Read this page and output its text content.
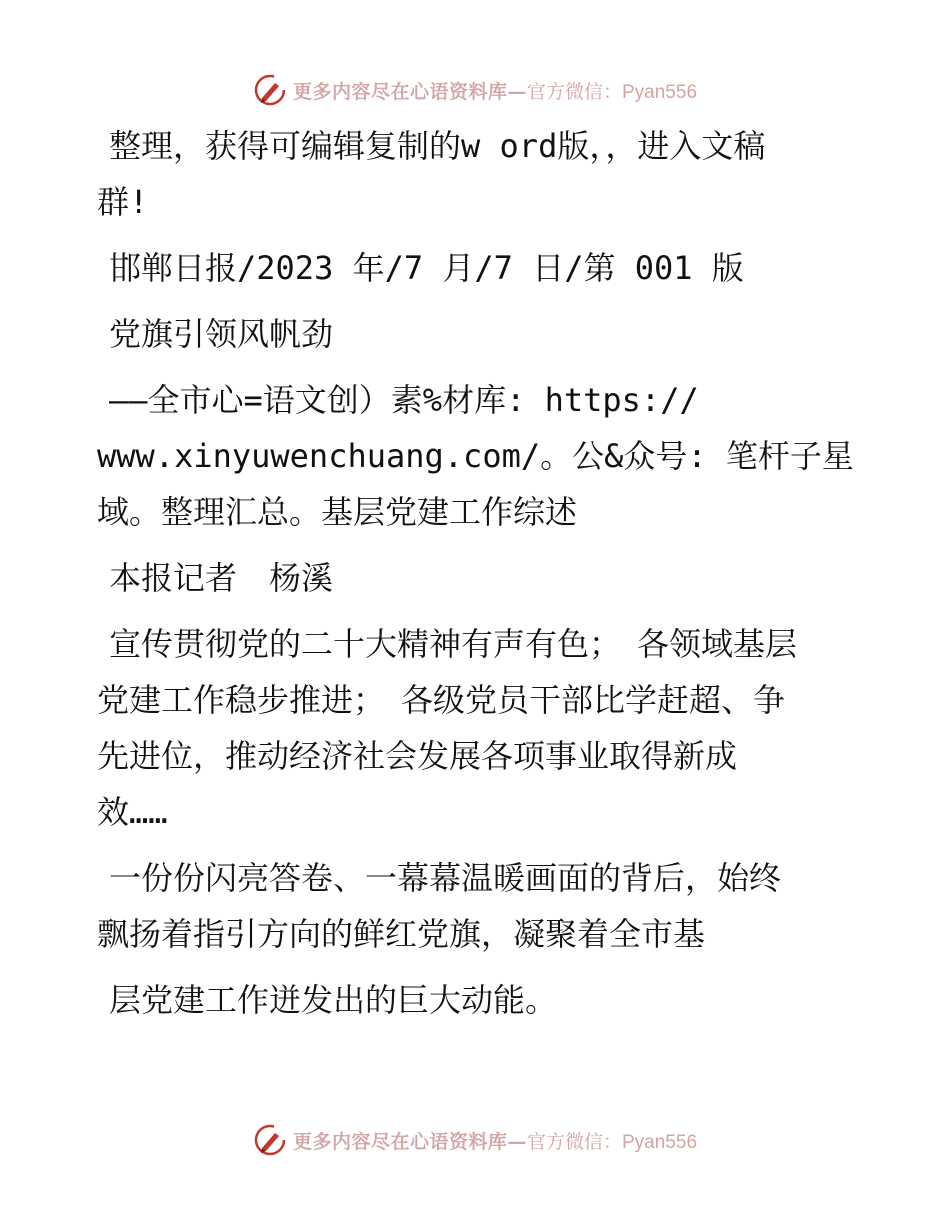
更多内容尽在心语资料库— 官方微信：Pyan556
整理，获得可编辑复制的w ord版，，进入文稿
群!
邯郸日报/2023 年/7 月/7 日/第 001 版
党旗引领风帆劲
——全市心=语文创）素%材库: https://
www.xinyuwenchuang.com/。公&众号: 笔杆子星
域。整理汇总。基层党建工作综述
本报记者　杨溪
宣传贯彻党的二十大精神有声有色；　各领域基层
党建工作稳步推进；　各级党员干部比学赶超、争
先进位，推动经济社会发展各项事业取得新成
效……
一份份闪亮答卷、一幕幕温暖画面的背后，始终
飘扬着指引方向的鲜红党旗，凝聚着全市基
层党建工作迸发出的巨大动能。
更多内容尽在心语资料库— 官方微信：Pyan556
